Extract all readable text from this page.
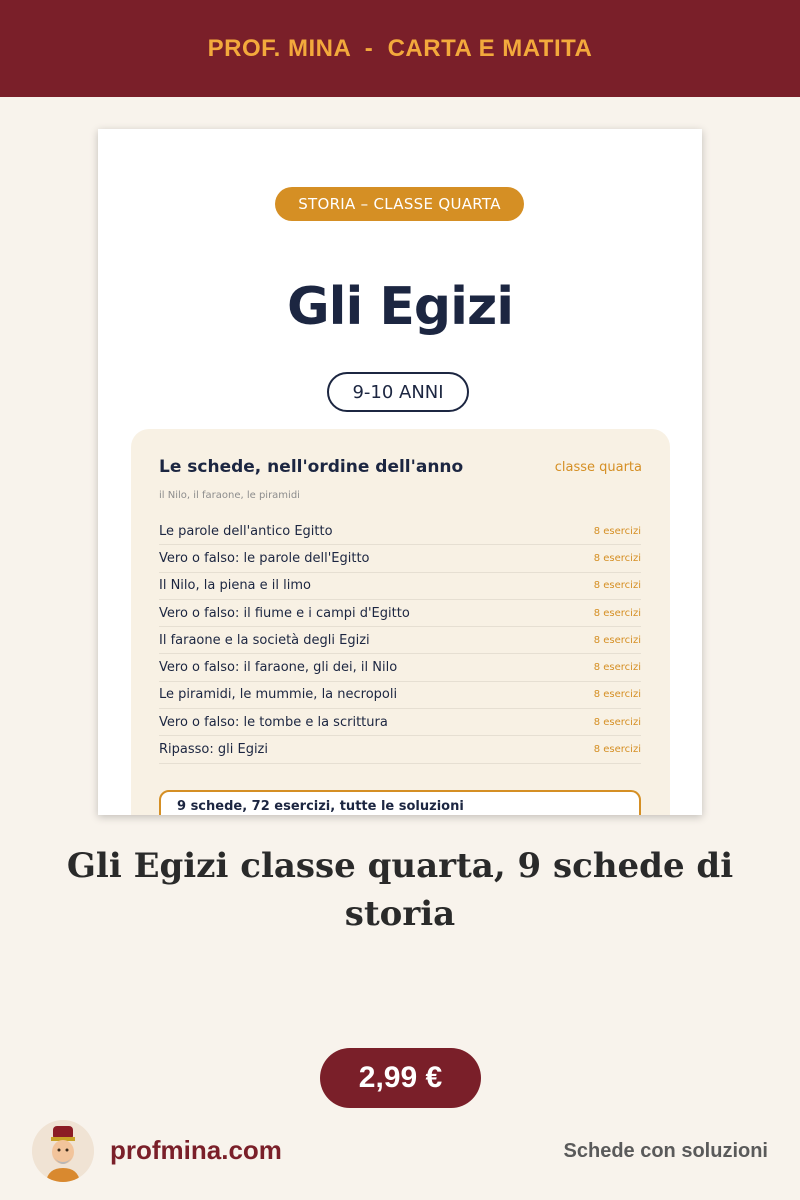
PROF. MINA  -  CARTA E MATITA
STORIA – CLASSE QUARTA
Gli Egizi
9-10 ANNI
Le schede, nell'ordine dell'anno	classe quarta
il Nilo, il faraone, le piramidi
Le parole dell'antico Egitto	8 esercizi
Vero o falso: le parole dell'Egitto	8 esercizi
Il Nilo, la piena e il limo	8 esercizi
Vero o falso: il fiume e i campi d'Egitto	8 esercizi
Il faraone e la società degli Egizi	8 esercizi
Vero o falso: il faraone, gli dei, il Nilo	8 esercizi
Le piramidi, le mummie, la necropoli	8 esercizi
Vero o falso: le tombe e la scrittura	8 esercizi
Ripasso: gli Egizi	8 esercizi
9 schede, 72 esercizi, tutte le soluzioni
Gli Egizi classe quarta, 9 schede di storia
2,99 €
profmina.com	Schede con soluzioni
